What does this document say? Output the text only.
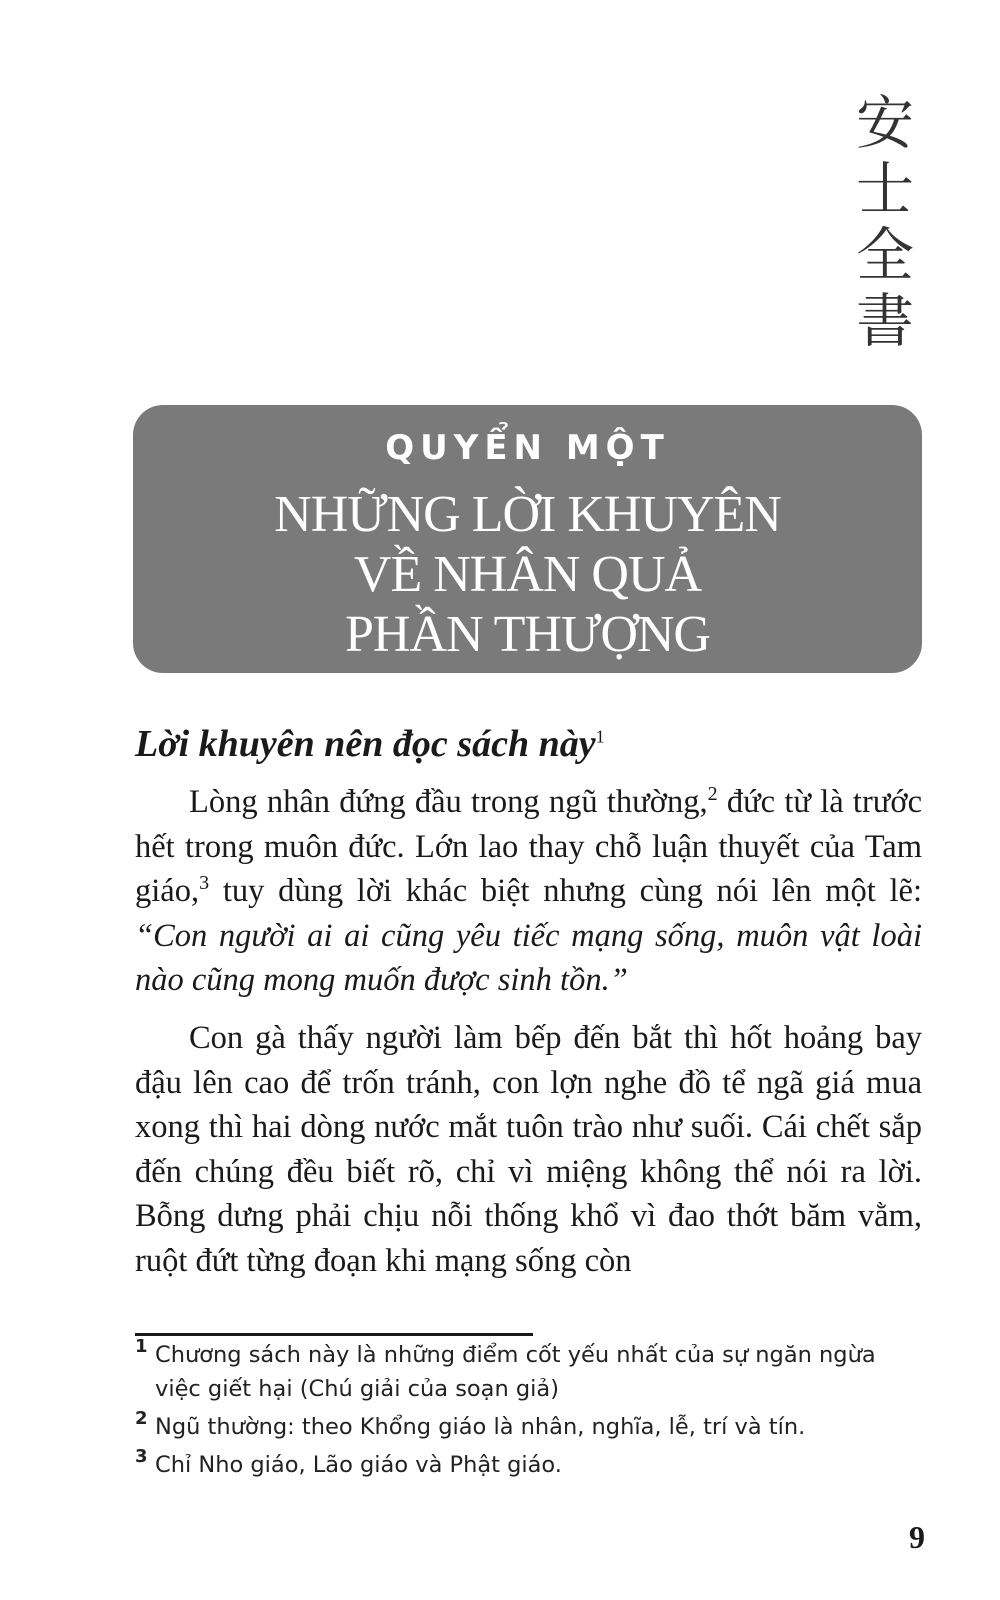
安
士
全
書
QUYỂN MỘT
NHỮNG LỜI KHUYÊN
VỀ NHÂN QUẢ
PHẦN THƯỢNG
Lời khuyên nên đọc sách này$^1$

Lòng nhân đứng đầu trong ngũ thường,$^2$ đức từ là trước hết trong muôn đức. Lớn lao thay chỗ luận thuyết của Tam giáo,$^3$ tuy dùng lời khác biệt nhưng cùng nói lên một lẽ: “Con người ai ai cũng yêu tiếc mạng sống, muôn vật loài nào cũng mong muốn được sinh tồn.”

Con gà thấy người làm bếp đến bắt thì hốt hoảng bay đậu lên cao để trốn tránh, con lợn nghe đồ tể ngã giá mua xong thì hai dòng nước mắt tuôn trào như suối. Cái chết sắp đến chúng đều biết rõ, chỉ vì miệng không thể nói ra lời. Bỗng dưng phải chịu nỗi thống khổ vì đao thớt băm vằm, ruột đứt từng đoạn khi mạng sống còn

1 Chương sách này là những điểm cốt yếu nhất của sự ngăn ngừa việc giết hại (Chú giải của soạn giả)
2 Ngũ thường: theo Khổng giáo là nhân, nghĩa, lễ, trí và tín.
3 Chỉ Nho giáo, Lão giáo và Phật giáo.
9
